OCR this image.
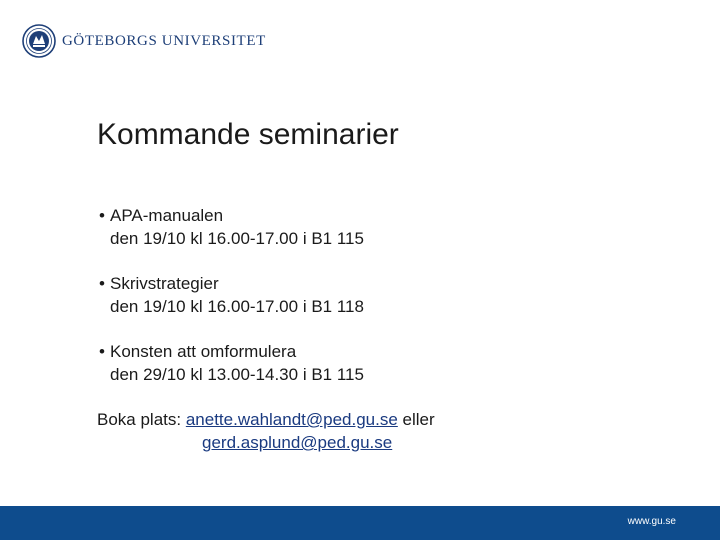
GÖTEBORGS UNIVERSITET
Kommande seminarier
• APA-manualen
den 19/10 kl 16.00-17.00 i B1 115
• Skrivstrategier
den 19/10 kl 16.00-17.00 i B1 118
• Konsten att omformulera
den 29/10 kl 13.00-14.30 i B1 115
Boka plats: anette.wahlandt@ped.gu.se eller
gerd.asplund@ped.gu.se
www.gu.se
